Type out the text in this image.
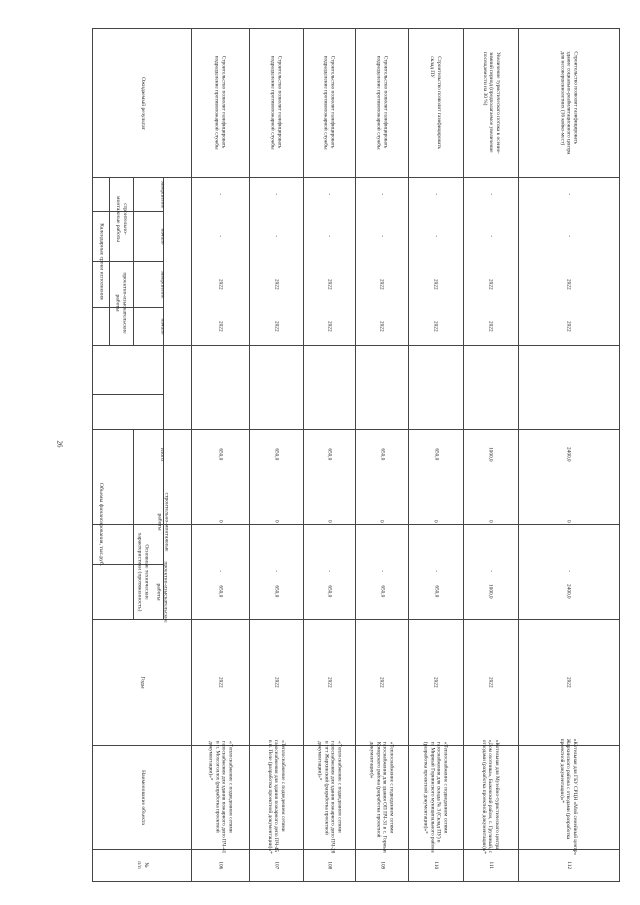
26
№
п/п
Наименование объекта
Годы
Основные технические
характеристики (протяженность)
Объемы финансирования, тыс.руб.
проектно-изыскательские
работы
строительно-монтажные
работы
итого
Календарные сроки исполнения
проектно-изыскательские
работы
строительно-
монтажные работы
начало
завершение
начало
завершение
Ожидаемый результат
106
«Теплоснабжение с подведением сетями
газоснабжения для здания пожарного депо ПЧ-41
в п. Мохсоголлох (разработка проектной
документации)»*
2022
-
650,0
0
650,0
2022
2022
-
-
Строительство позволит газифицировать
подразделение противопожарной службы
107
«Теплоснабжение с подведением сетями
газоснабжения для здания пожарного депо ПЧ-45
в п. Пеле (разработка проектной документации)»*
2022
-
650,0
0
650,0
2022
2022
-
-
Строительство позволит газифицировать
подразделение противопожарной службы
108
«Теплоснабжение с подведением сетями
газоснабжения для здания пожарного депо ПЧ-28
в пгт Жархинский (разработка проектной
документации)»*
2022
-
650,0
0
650,0
2022
2022
-
-
Строительство позволит газифицировать
подразделение противопожарной службы
109
«Теплоснабжение с подведением сетями
газоснабжения для здания ОП ПЧ-31 в с. Горныи
Комерского района (разработка проектной
документации)»
2022
-
650,0
0
650,0
2022
2022
-
-
Строительство позволит газифицировать
подразделение противопожарной службы
110
«Теплоснабжение с подведением сетями
газоснабжения для склада № 3 (Склад ПУ) в
п. Мирный Горнинского муниципального района
(разработка проектной документации)»*
2022
-
650,0
0
650,0
2022
2022
-
-
Строительство позволит газифицировать
склад ПУ
111
«Котельная для Музейно-туристического центра
«Дом охотника», Быковский район, с. Грузиный, с
отводами (разработка проектной документации)»*
2022
-
1000,0
0
1000,0
2022
2022
-
-
Увеличение туристического потока в осенне-
зимний период (предполагаемое увеличение
посещаемости на 30 %)
112
«Котельная для ГБУ СРЦН «Мой семейный центр»
Жархинского района с отводами (разработка
проектной документации)»*
2022
-
2400,0
0
2400,0
2022
2022
-
-
Строительство позволит газифицировать
здание социально-реабилитационного центра
для несовершеннолетних (16 койко-мест)
